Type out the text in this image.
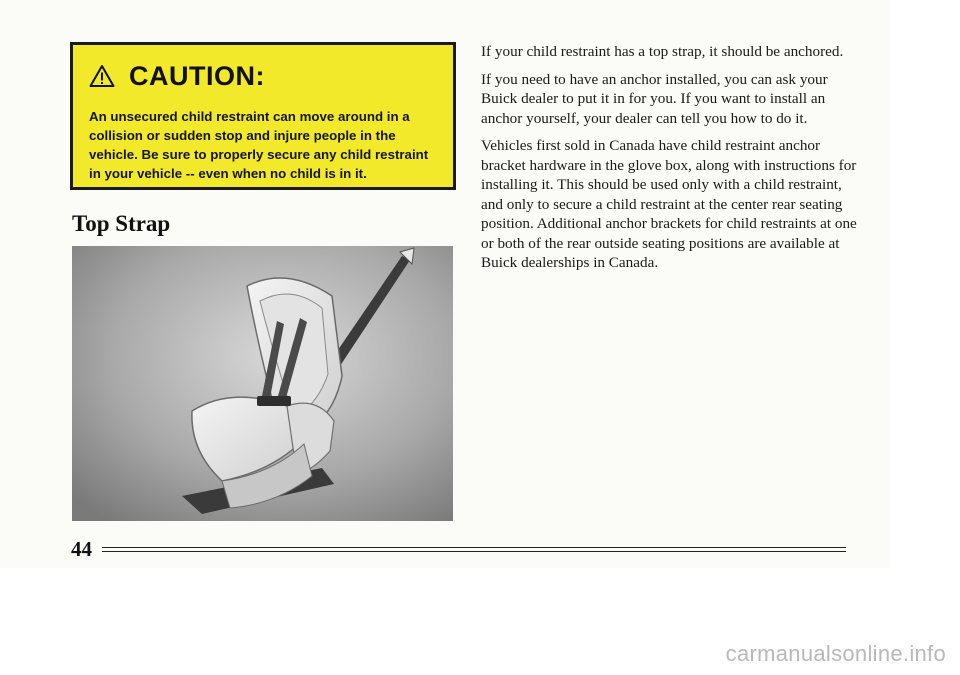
CAUTION:
An unsecured child restraint can move around in a collision or sudden stop and injure people in the vehicle. Be sure to properly secure any child restraint in your vehicle -- even when no child is in it.
Top Strap

If your child restraint has a top strap, it should be anchored.

If you need to have an anchor installed, you can ask your Buick dealer to put it in for you. If you want to install an anchor yourself, your dealer can tell you how to do it.

Vehicles first sold in Canada have child restraint anchor bracket hardware in the glove box, along with instructions for installing it. This should be used only with a child restraint, and only to secure a child restraint at the center rear seating position. Additional anchor brackets for child restraints at one or both of the rear outside seating positions are available at Buick dealerships in Canada.

44
carmanualsonline.info
